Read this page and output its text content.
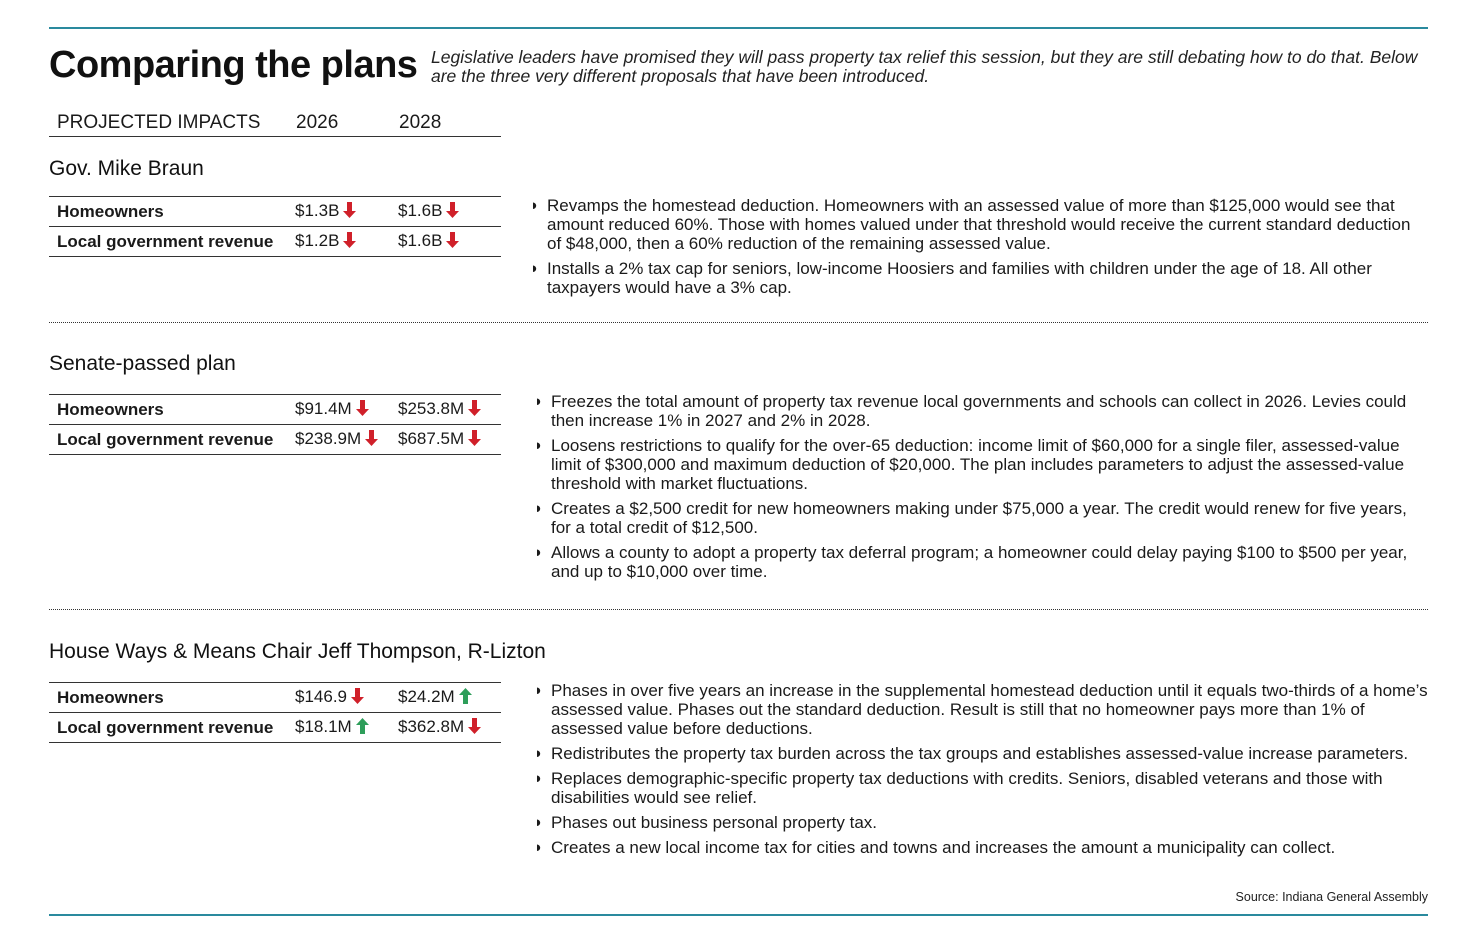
Comparing the plans Legislative leaders have promised they will pass property tax relief this session, but they are still debating how to do that. Below are the three very different proposals that have been introduced.
PROJECTED IMPACTS 2026	2028
Gov. Mike Braun
Homeowners	$1.3B	$1.6B
Local government revenue	$1.2B	$1.6B
◗ Revamps the homestead deduction. Homeowners with an assessed value of more than $125,000 would see that amount reduced 60%. Those with homes valued under that threshold would receive the current standard deduction of $48,000, then a 60% reduction of the remaining assessed value.
◗ Installs a 2% tax cap for seniors, low-income Hoosiers and families with children under the age of 18. All other taxpayers would have a 3% cap.
Senate-passed plan
Homeowners	$91.4M	$253.8M
Local government revenue	$238.9M	$687.5M
◗ Freezes the total amount of property tax revenue local governments and schools can collect in 2026. Levies could then increase 1% in 2027 and 2% in 2028.
◗ Loosens restrictions to qualify for the over-65 deduction: income limit of $60,000 for a single filer, assessed-value limit of $300,000 and maximum deduction of $20,000. The plan includes parameters to adjust the assessed-value threshold with market fluctuations.
◗ Creates a $2,500 credit for new homeowners making under $75,000 a year. The credit would renew for five years, for a total credit of $12,500.
◗ Allows a county to adopt a property tax deferral program; a homeowner could delay paying $100 to $500 per year, and up to $10,000 over time.
House Ways & Means Chair Jeff Thompson, R-Lizton
Homeowners	$146.9	$24.2M
Local government revenue	$18.1M	$362.8M
◗ Phases in over five years an increase in the supplemental homestead deduction until it equals two-thirds of a home’s assessed value. Phases out the standard deduction. Result is still that no homeowner pays more than 1% of assessed value before deductions.
◗ Redistributes the property tax burden across the tax groups and establishes assessed-value increase parameters.
◗ Replaces demographic-specific property tax deductions with credits. Seniors, disabled veterans and those with disabilities would see relief.
◗ Phases out business personal property tax.
◗ Creates a new local income tax for cities and towns and increases the amount a municipality can collect.
Source: Indiana General Assembly
